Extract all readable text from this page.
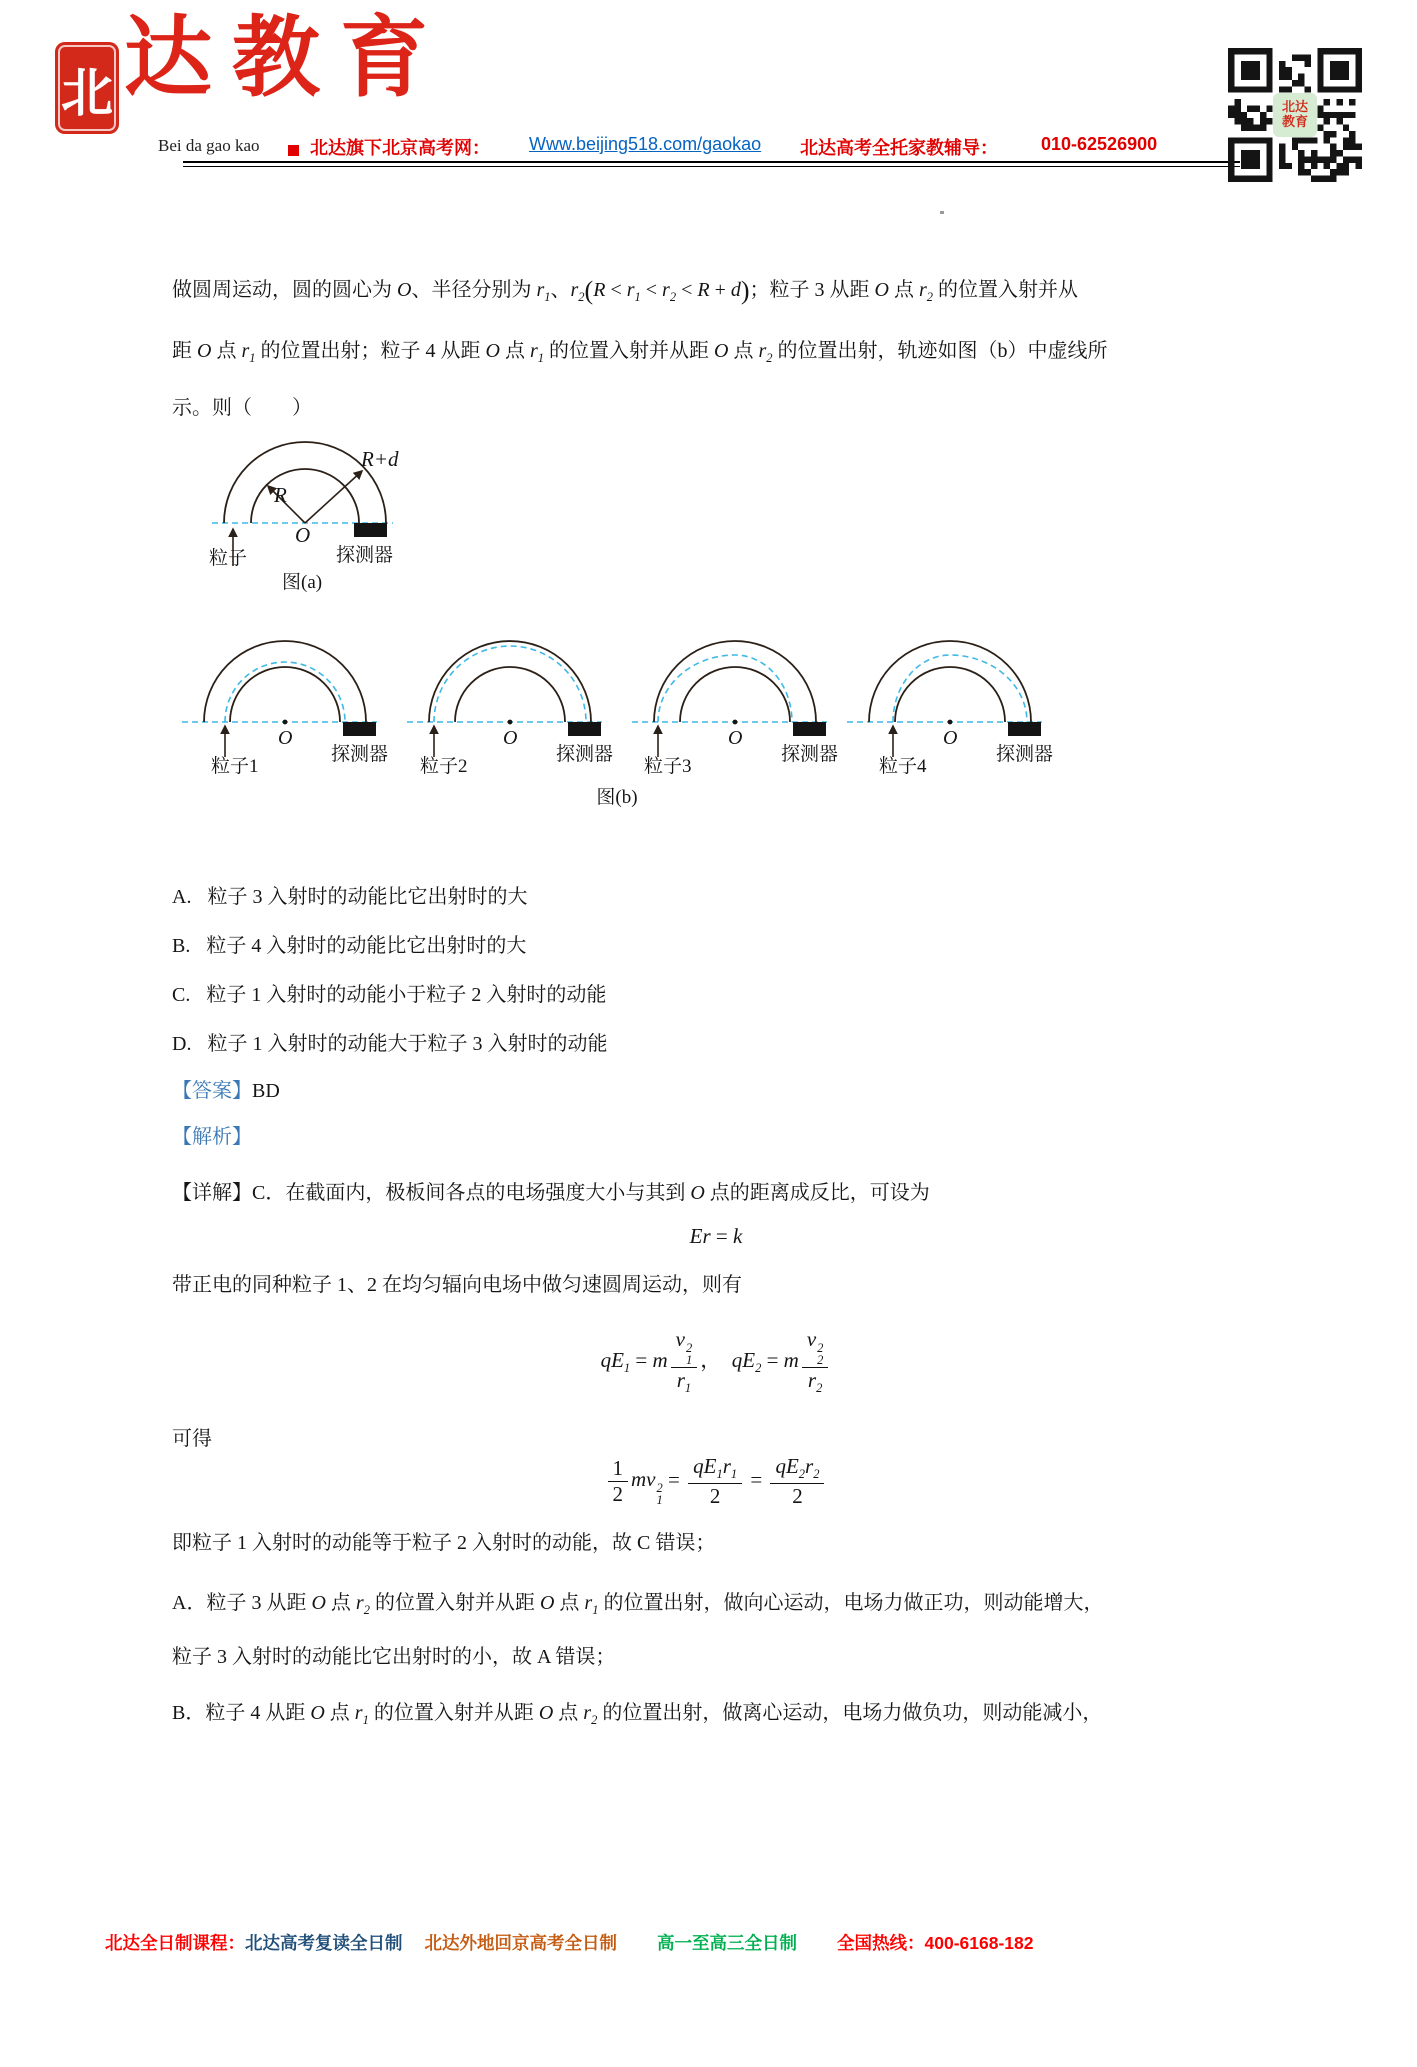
北 达教育
Bei da gao kao	北达旗下北京高考网： Www.beijing518.com/gaokao 北达高考全托家教辅导： 010-62526900
北达
教育
做圆周运动，圆的圆心为 O、半径分别为 $r_1$、$r_2(R < r_1 < r_2 < R + d)$；粒子 3 从距 O 点 $r_2$ 的位置入射并从
距 O 点 $r_1$ 的位置出射；粒子 4 从距 O 点 $r_1$ 的位置入射并从距 O 点 $r_2$ 的位置出射，轨迹如图（b）中虚线所
示。则（　　）
R
R+d
O
粒子	探测器
图(a)
O	O	O	O
探测器	探测器	探测器	探测器
粒子1	粒子2	粒子3	粒子4
图(b)
A. 粒子 3 入射时的动能比它出射时的大
B. 粒子 4 入射时的动能比它出射时的大
C. 粒子 1 入射时的动能小于粒子 2 入射时的动能
D. 粒子 1 入射时的动能大于粒子 3 入射时的动能
【答案】BD
【解析】
【详解】C．在截面内，极板间各点的电场强度大小与其到 O 点的距离成反比，可设为
Er = k
带正电的同种粒子 1、2 在均匀辐向电场中做匀速圆周运动，则有
$qE_1 = m$ v 2
1
$r_1$ ，　$qE_2 = m$ v 2
2
$r_2$
可得
$\frac{1}{2}$ mv 2
1
= $\frac{qE_1r_1}{2} = \frac{qE_2r_2}{2}$
即粒子 1 入射时的动能等于粒子 2 入射时的动能，故 C 错误；
A．粒子 3 从距 O 点 $r_2$ 的位置入射并从距 O 点 $r_1$ 的位置出射，做向心运动，电场力做正功，则动能增大，
粒子 3 入射时的动能比它出射时的小，故 A 错误；
B．粒子 4 从距 O 点 $r_1$ 的位置入射并从距 O 点 $r_2$ 的位置出射，做离心运动，电场力做负功，则动能减小，
北达全日制课程：北达高考复读全日制 北达外地回京高考全日制 高一至高三全日制 全国热线：400-6168-182
